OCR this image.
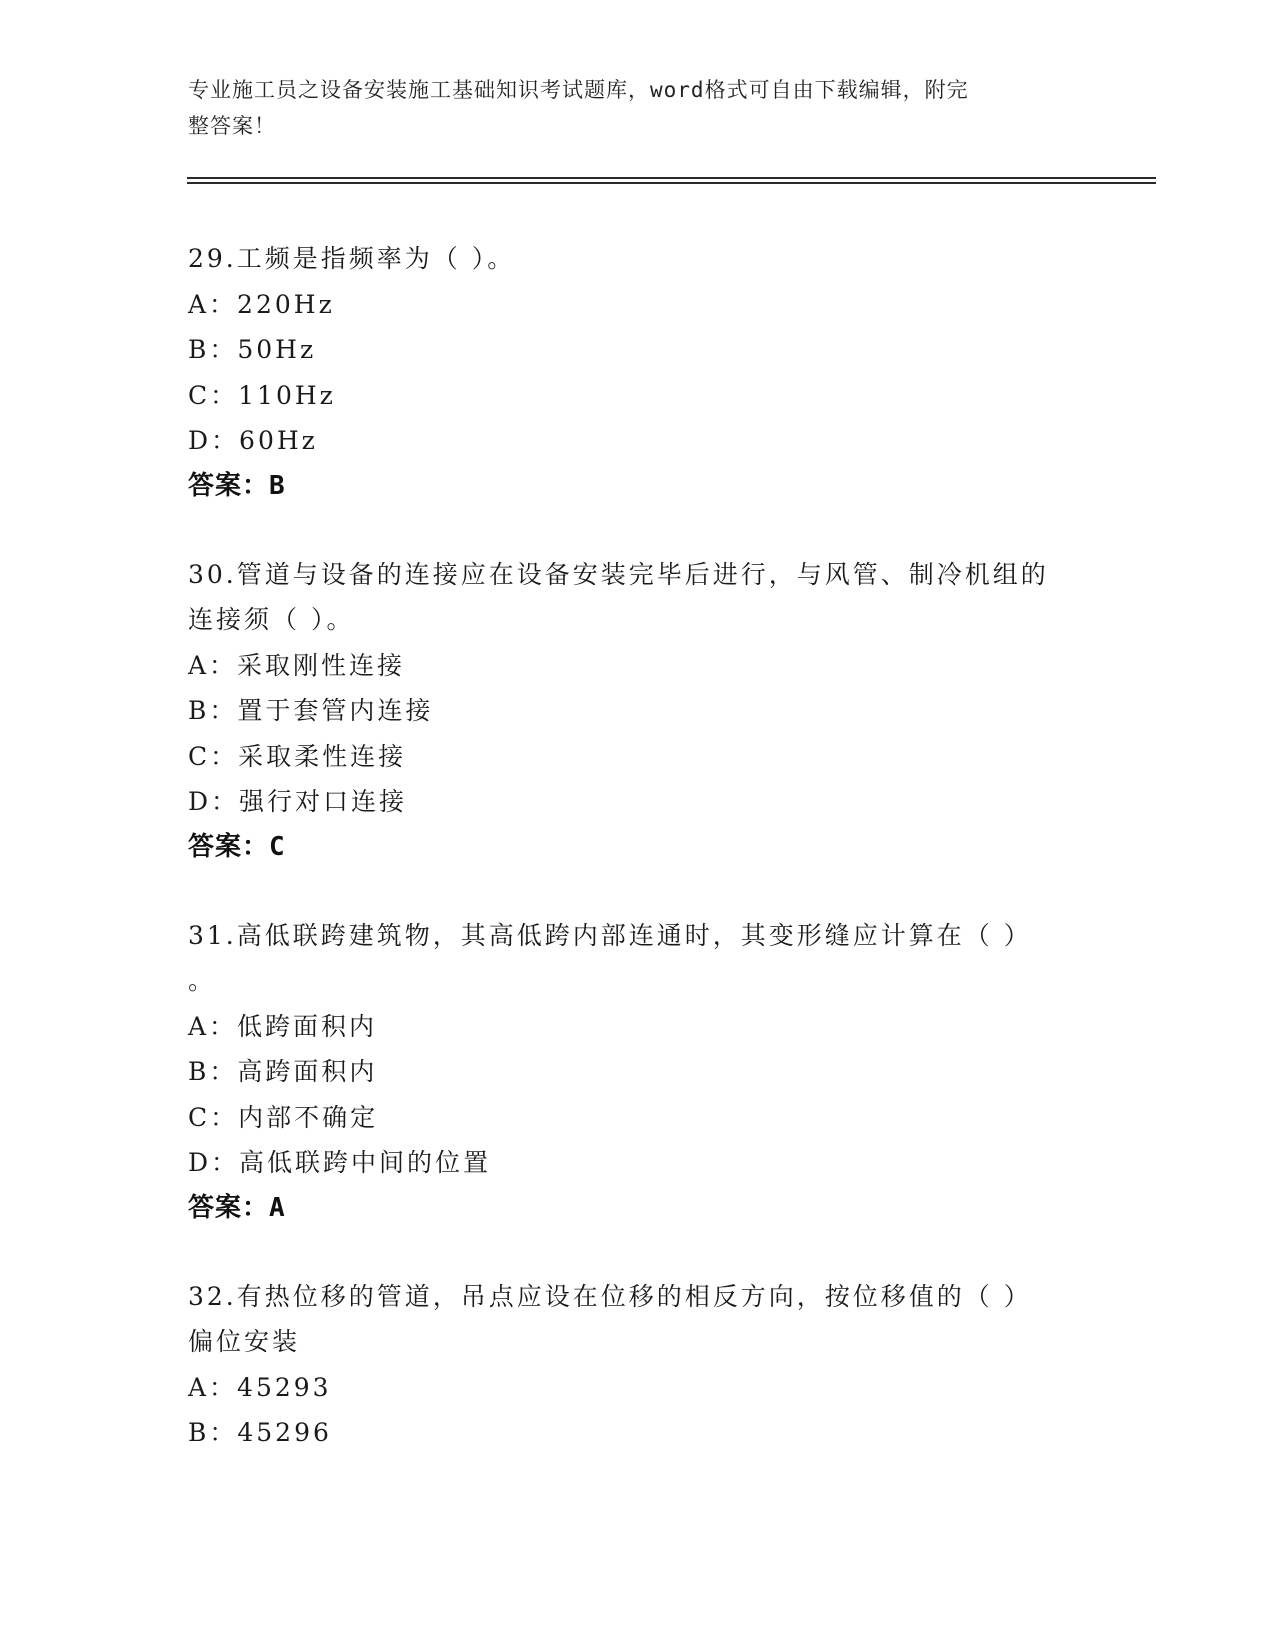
专业施工员之设备安装施工基础知识考试题库，word格式可自由下载编辑，附完
整答案！
29.工频是指频率为（ ）。
A：220Hz
B：50Hz
C：110Hz
D：60Hz
答案：B
30.管道与设备的连接应在设备安装完毕后进行，与风管、制冷机组的
连接须（ ）。
A：采取刚性连接
B：置于套管内连接
C：采取柔性连接
D：强行对口连接
答案：C
31.高低联跨建筑物，其高低跨内部连通时，其变形缝应计算在（ ）
。
A：低跨面积内
B：高跨面积内
C：内部不确定
D：高低联跨中间的位置
答案：A
32.有热位移的管道，吊点应设在位移的相反方向，按位移值的（ ）
偏位安装
A：45293
B：45296
